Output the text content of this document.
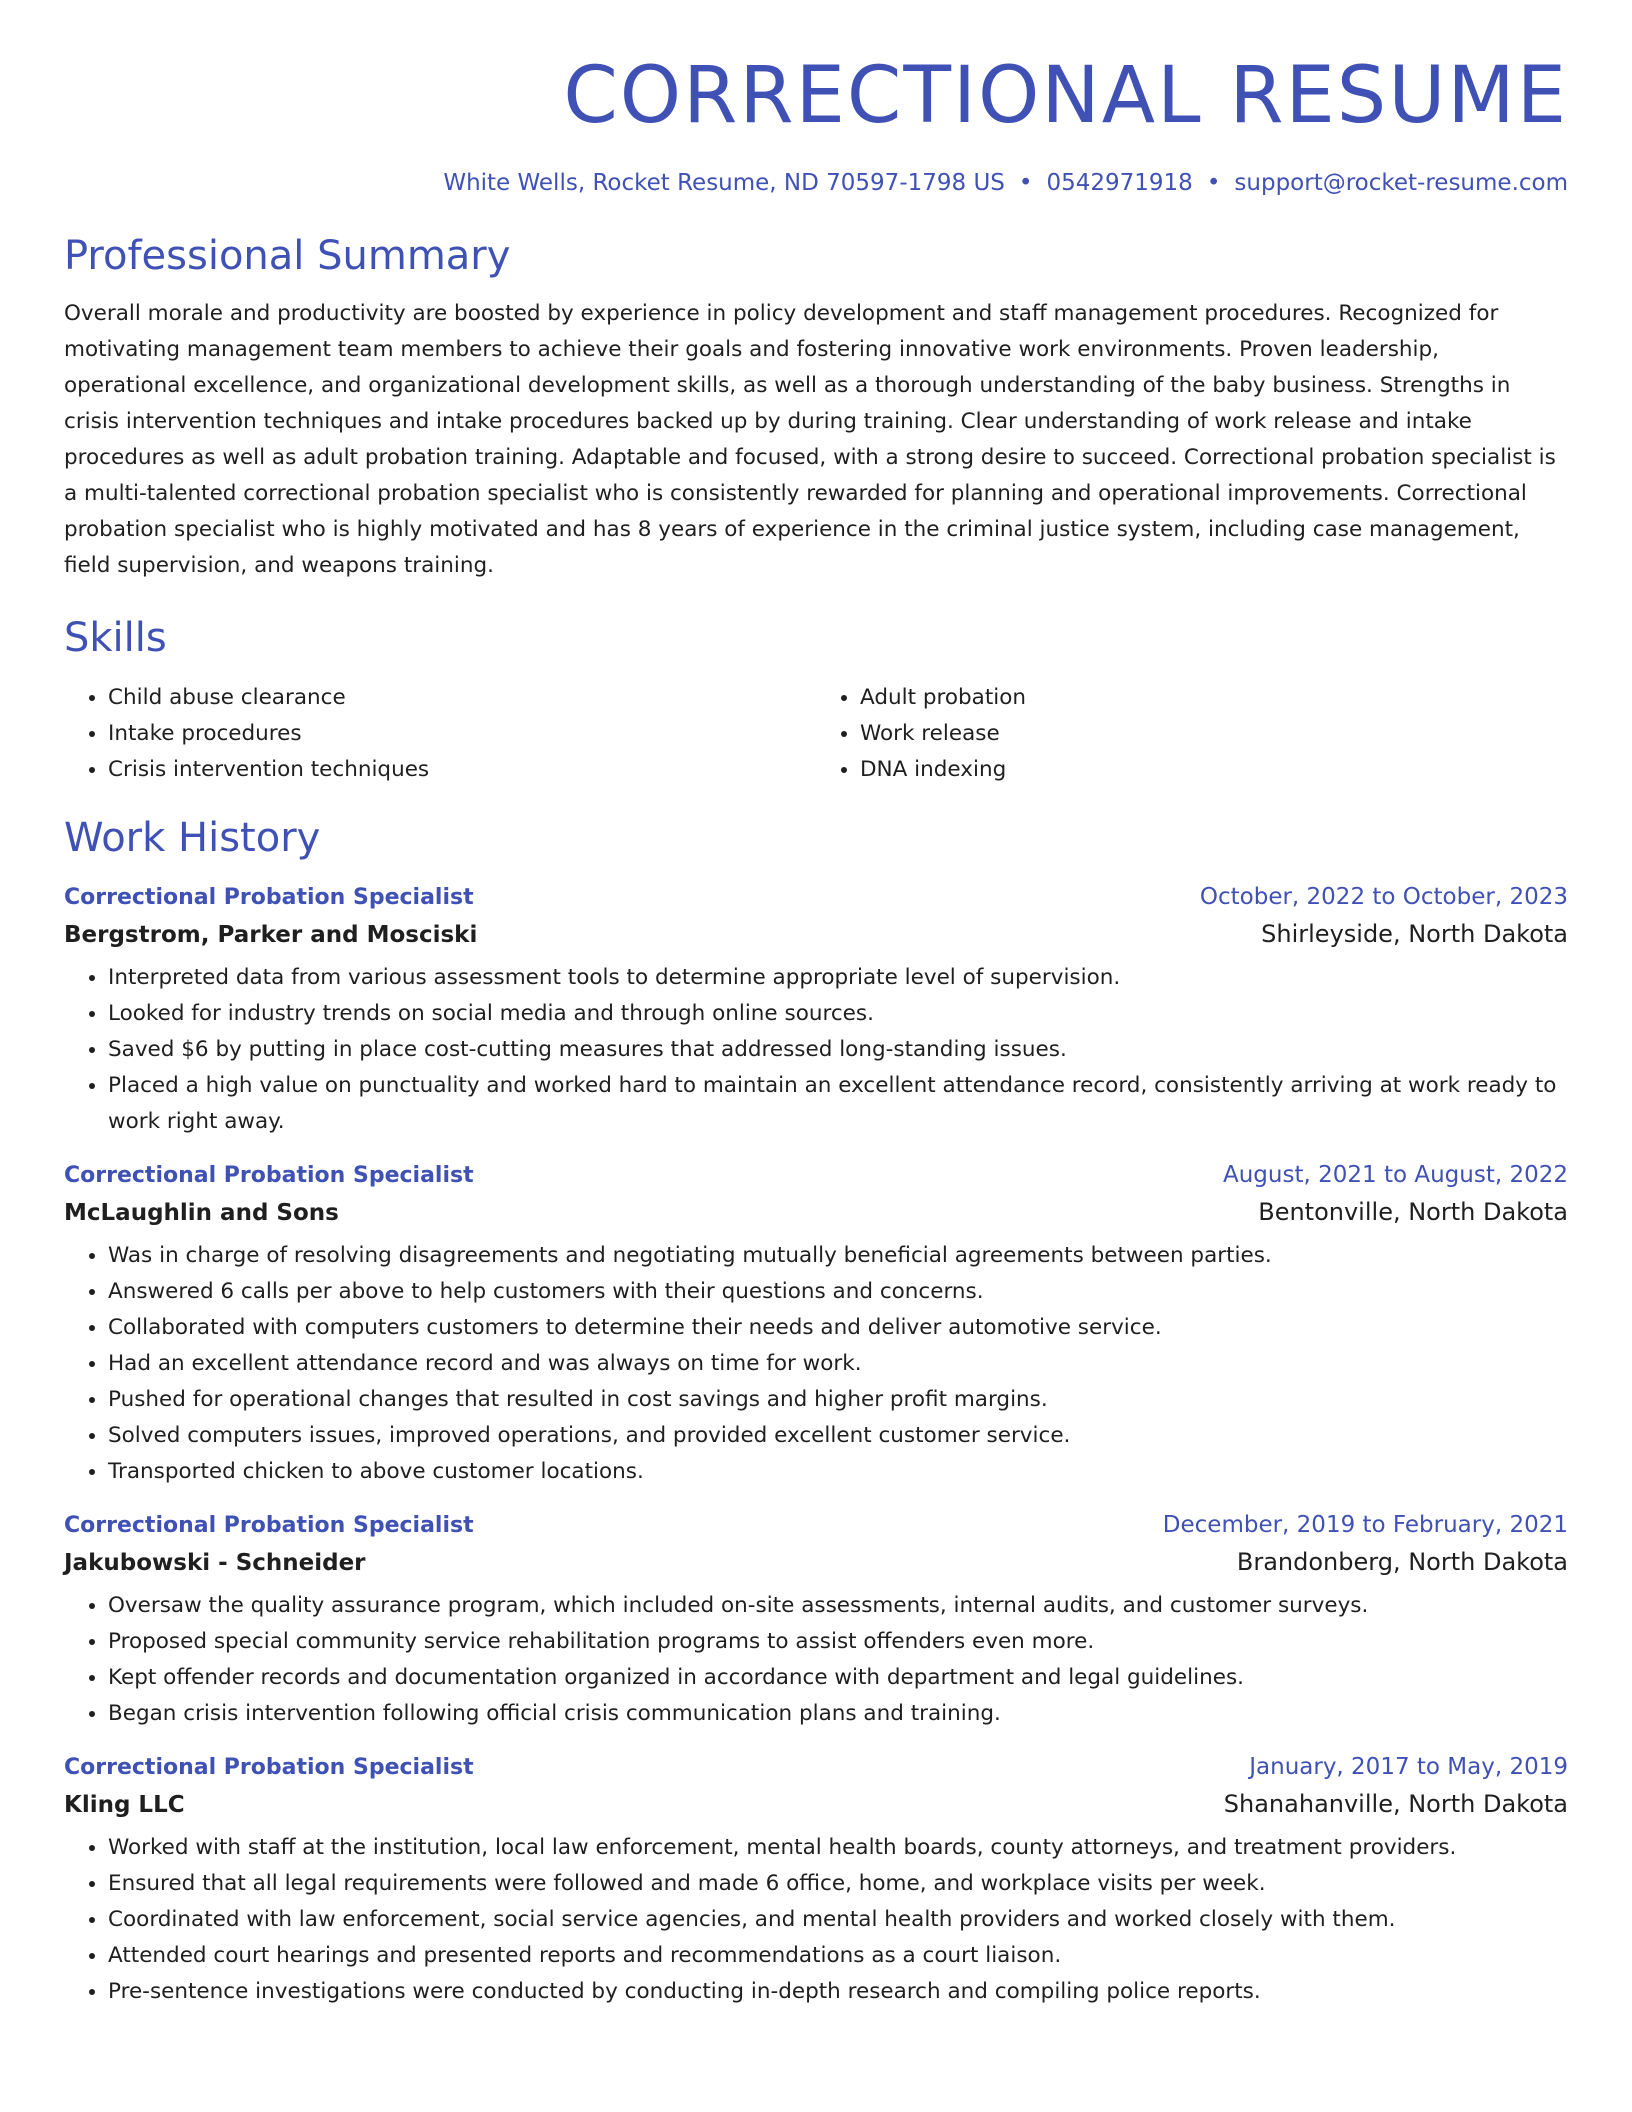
CORRECTIONAL RESUME
White Wells, Rocket Resume, ND 70597-1798 US • 0542971918 • support@rocket-resume.com
Professional Summary

Overall morale and productivity are boosted by experience in policy development and staff management procedures. Recognized for motivating management team members to achieve their goals and fostering innovative work environments. Proven leadership, operational excellence, and organizational development skills, as well as a thorough understanding of the baby business. Strengths in crisis intervention techniques and intake procedures backed up by during training. Clear understanding of work release and intake procedures as well as adult probation training. Adaptable and focused, with a strong desire to succeed. Correctional probation specialist is a multi-talented correctional probation specialist who is consistently rewarded for planning and operational improvements. Correctional probation specialist who is highly motivated and has 8 years of experience in the criminal justice system, including case management, field supervision, and weapons training.

Skills
• Child abuse clearance
• Intake procedures
• Crisis intervention techniques
• Adult probation
• Work release
• DNA indexing
Work History
Correctional Probation Specialist	October, 2022 to October, 2023
Bergstrom, Parker and Mosciski	Shirleyside, North Dakota
• Interpreted data from various assessment tools to determine appropriate level of supervision.
• Looked for industry trends on social media and through online sources.
• Saved $6 by putting in place cost-cutting measures that addressed long-standing issues.
• Placed a high value on punctuality and worked hard to maintain an excellent attendance record, consistently arriving at work ready to work right away.
Correctional Probation Specialist	August, 2021 to August, 2022
McLaughlin and Sons	Bentonville, North Dakota
• Was in charge of resolving disagreements and negotiating mutually beneficial agreements between parties.
• Answered 6 calls per above to help customers with their questions and concerns.
• Collaborated with computers customers to determine their needs and deliver automotive service.
• Had an excellent attendance record and was always on time for work.
• Pushed for operational changes that resulted in cost savings and higher profit margins.
• Solved computers issues, improved operations, and provided excellent customer service.
• Transported chicken to above customer locations.
Correctional Probation Specialist	December, 2019 to February, 2021
Jakubowski - Schneider	Brandonberg, North Dakota
• Oversaw the quality assurance program, which included on-site assessments, internal audits, and customer surveys.
• Proposed special community service rehabilitation programs to assist offenders even more.
• Kept offender records and documentation organized in accordance with department and legal guidelines.
• Began crisis intervention following official crisis communication plans and training.
Correctional Probation Specialist	January, 2017 to May, 2019
Kling LLC	Shanahanville, North Dakota
• Worked with staff at the institution, local law enforcement, mental health boards, county attorneys, and treatment providers.
• Ensured that all legal requirements were followed and made 6 office, home, and workplace visits per week.
• Coordinated with law enforcement, social service agencies, and mental health providers and worked closely with them.
• Attended court hearings and presented reports and recommendations as a court liaison.
• Pre-sentence investigations were conducted by conducting in-depth research and compiling police reports.
